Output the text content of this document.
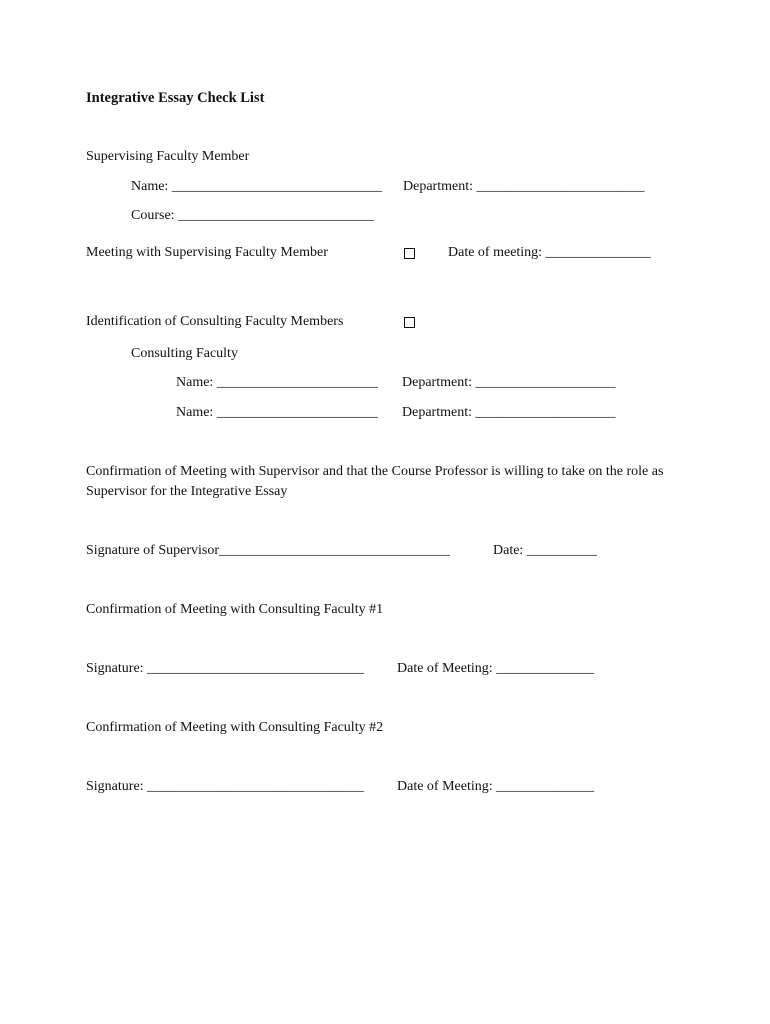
Integrative Essay Check List
Supervising Faculty Member
Name: ______________________________ Department: ________________________
Course: ____________________________
Meeting with Supervising Faculty Member	Date of meeting: _______________
Identification of Consulting Faculty Members
Consulting Faculty
Name: _______________________ Department: ____________________
Name: _______________________ Department: ____________________
Confirmation of Meeting with Supervisor and that the Course Professor is willing to take on the role as Supervisor for the Integrative Essay
Signature of Supervisor_________________________________	Date: __________
Confirmation of Meeting with Consulting Faculty #1
Signature: _______________________________ Date of Meeting: ______________
Confirmation of Meeting with Consulting Faculty #2
Signature: _______________________________ Date of Meeting: ______________
